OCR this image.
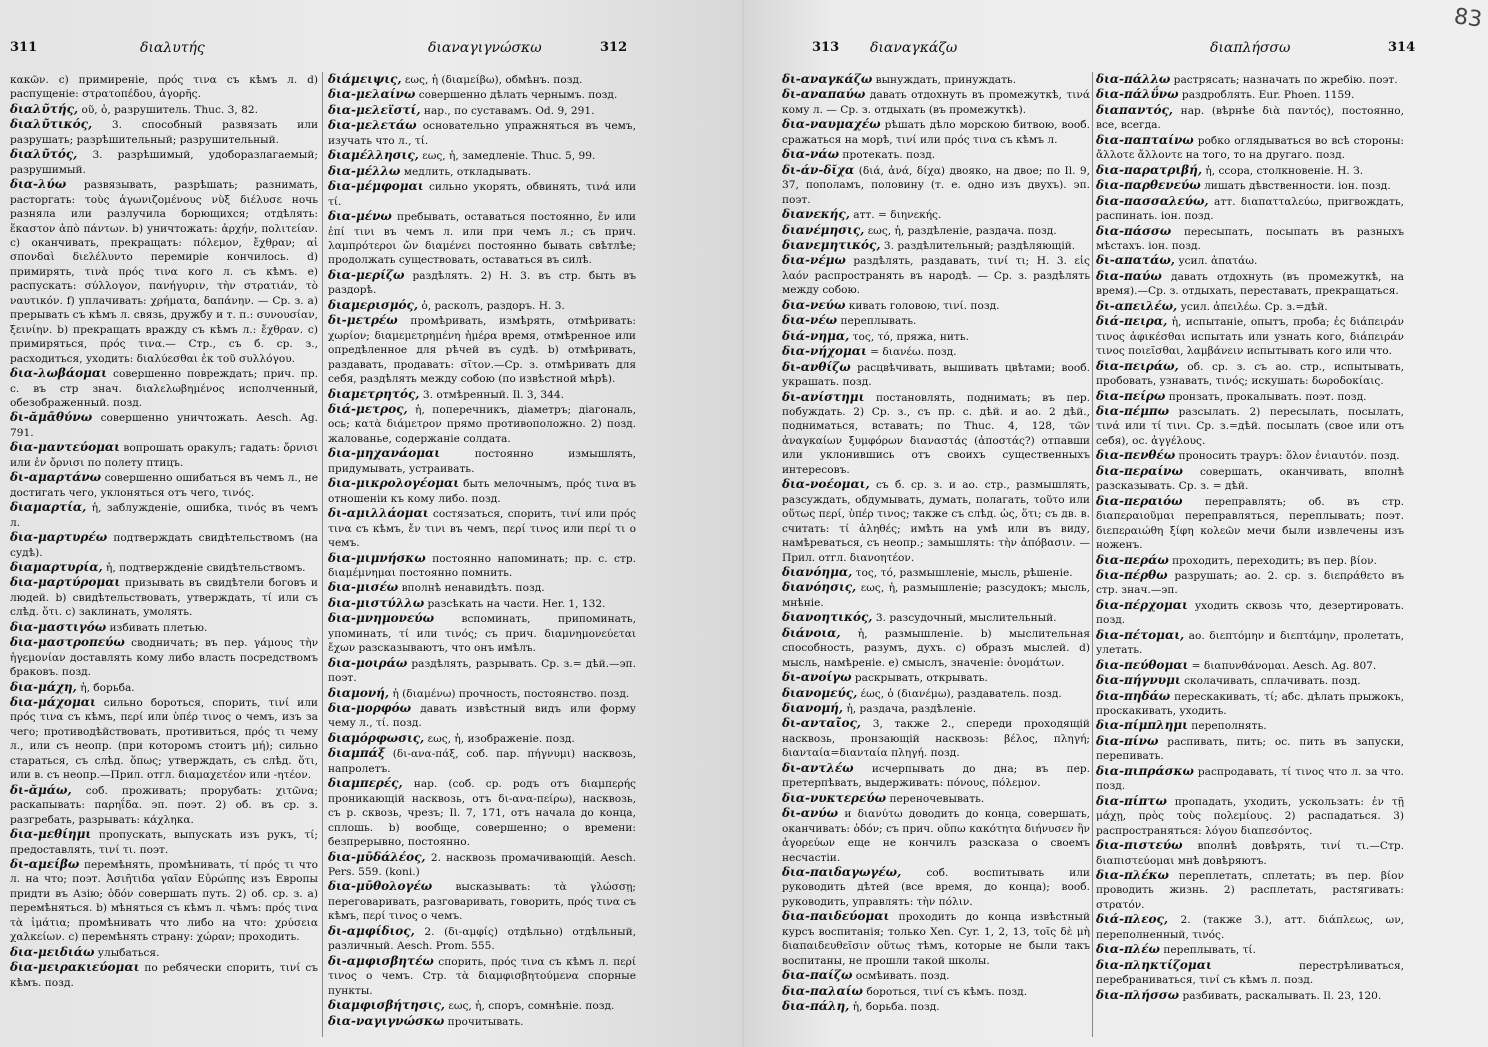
311	διαλυτής	διαναγιγνώσκω	312

κακῶν. c) примиреніе, πρός τινα съ кѣмъ л. d) распущеніе: στρατοπέδου, ἀγορῆς.

διαλῦτής, οῦ, ὁ, разрушитель. Thuc. 3, 82.

διαλῦτικός, 3. способный развязать или разрушать; разрѣшительный; разрушительный.

διαλῦτός, 3. разрѣшимый, удоборазлагаемый; разрушимый.

δια-λύω развязывать, разрѣшать; разнимать, расторгать: τοὺς ἀγωνιζομένους νὺξ διέλυσε ночь разняла или разлучила борющихся; отдѣлять: ἕκαστον ἀπὸ πάντων. b) уничтожать: ἀρχήν, πολιτείαν. c) оканчивать, прекращать: πόλεμον, ἔχθραν; αἱ σπονδαὶ διελέλυντο перемиріе кончилось. d) примирять, τινὰ πρός τινα кого л. съ кѣмъ. e) распускать: σύλλογον, πανήγυριν, τὴν στρατιάν, τὸ ναυτικόν. f) уплачивать: χρήματα, δαπάνην. — Ср. з. a) прерывать съ кѣмъ л. связь, дружбу и т. п.: συνουσίαν, ξεινίην. b) прекращать вражду съ кѣмъ л.: ἔχθραν. c) примиряться, πρός τινα.— Стр., съ б. ср. з., расходиться, уходить: διαλύεσθαι ἐκ τοῦ συλλόγου.

δια-λωβάομαι совершенно повреждать; прич. пр. с. въ стр знач. διαλελωβημένος исполченный, обезображенный. позд.

δι-ᾰμᾱθύνω совершенно уничтожать. Aesch. Ag. 791.

δια-μαντεύομαι вопрошать оракулъ; гадать: ὄρνισι или ἐν ὄρνισι по полету птицъ.

δι-αμαρτάνω совершенно ошибаться въ чемъ л., не достигать чего, уклоняться отъ чего, τινός.

διαμαρτία, ἡ, заблужденіе, ошибка, τινός въ чемъ л.

δια-μαρτυρέω подтверждать свидѣтельствомъ (на судѣ).

διαμαρτυρία, ἡ, подтвержденіе свидѣтельствомъ.

δια-μαρτύρομαι призывать въ свидѣтели боговъ и людей. b) свидѣтельствовать, утверждать, τί или съ слѣд. ὅτι. c) заклинать, умолять.

δια-μαστιγόω избивать плетью.

δια-μαστροπεύω сводничать; въ пер. γάμους τὴν ἡγεμονίαν доставлять кому либо власть посредствомъ браковъ. позд.

δια-μάχη, ἡ, борьба.

δια-μάχομαι сильно бороться, спорить, τινί или πρός τινα съ кѣмъ, περί или ὑπέρ τινος о чемъ, изъ за чего; противодѣйствовать, противиться, πρός τι чему л., или съ неопр. (при которомъ стоитъ μή); сильно стараться, съ слѣд. ὅπως; утверждать, съ слѣд. ὅτι, или в. съ неопр.—Прил. отгл. διαμαχετέον или -ητέον.

δι-ᾰμάω, соб. проживать; прорубать: χιτῶνα; раскапывать: παρηΐδα. эп. поэт. 2) об. въ ср. з. разгребать, разрывать: κάχληκα.

δια-μεθίημι пропускать, выпускать изъ рукъ, τί; предоставлять, τινί τι. поэт.

δι-αμείβω перемѣнять, промѣнивать, τί πρός τι что л. на что; поэт. Ἀσιῆτιδα γαῖαν Εὐρώπης изъ Европы придти въ Азію; ὁδόν совершать путь. 2) об. ср. з. a) перемѣняться. b) мѣняться съ кѣмъ л. чѣмъ: πρός τινα τὰ ἱμάτια; промѣнивать что либо на что: χρύσεια χαλκείων. c) перемѣнять страну: χώραν; проходить.

δια-μειδιάω улыбаться.

δια-μειρακιεύομαι по ребячески спорить, τινί съ кѣмъ. позд.

διάμειψις, εως, ἡ (διαμείβω), обмѣнъ. позд.

δια-μελαίνω совершенно дѣлать чернымъ. позд.

δια-μελεϊστί, нар., по суставамъ. Od. 9, 291.

δια-μελετάω основательно упражняться въ чемъ, изучать что л., τί.

διαμέλλησις, εως, ἡ, замедленіе. Thuc. 5, 99.

δια-μέλλω медлить, откладывать.

δια-μέμφομαι сильно укорять, обвинять, τινά или τί.

δια-μένω пребывать, оставаться постоянно, ἔν или ἐπί τινι въ чемъ л. или при чемъ л.; съ прич. λαμπρότεροι ὤν διαμένει постоянно бывать свѣтлѣе; продолжать существовать, оставаться въ силѣ.

δια-μερίζω раздѣлять. 2) H. 3. въ стр. быть въ раздорѣ.

διαμερισμός, ὁ, расколъ, раздоръ. H. 3.

δι-μετρέω промѣривать, измѣрять, отмѣривать: χωρίον; διαμεμετρημένη ἡμέρα время, отмѣренное или опредѣленное для рѣчей въ судѣ. b) отмѣривать, раздавать, продавать: σῖτον.—Ср. з. отмѣривать для себя, раздѣлять между собою (по извѣстной мѣрѣ).

διαμετρητός, 3. отмѣренный. Il. 3, 344.

διά-μετρος, ἡ, поперечникъ, діаметръ; діагональ, ось; κατὰ διάμετρον прямо противоположно. 2) позд. жалованье, содержаніе солдата.

δια-μηχανάομαι	постоянно измышлять, придумывать, устраивать.

δια-μικρολογέομαι быть мелочнымъ, πρός τινα въ отношеніи къ кому либо. позд.

δι-αμιλλάομαι состязаться, спорить, τινί или πρός τινα съ кѣмъ, ἔν τινι въ чемъ, περί τινος или περί τι о чемъ.

δια-μιμνήσκω постоянно напоминать; пр. с. стр. διαμέμνημαι постоянно помнить.

δια-μισέω вполнѣ ненавидѣть. позд.

δια-μιστύλλω разсѣкать на части. Her. 1, 132.

δια-μνημονεύω	вспоминать, припоминать, упоминать, τί или τινός; съ прич. διαμνημονεύεται ἔχων разсказываютъ, что онъ имѣлъ.

δια-μοιράω раздѣлять, разрывать. Ср. з.= дѣй.—эп. поэт.

διαμονή, ἡ (διαμένω) прочность, постоянство. позд.

δια-μορφόω давать извѣстный видъ или форму чему л., τί. позд.

διαμόρφωσις, εως, ἡ, изображеніе. позд.

διαμπάξ (δι-ανα-πάξ, соб. пар. πήγνυμι) насквозь, напролетъ.

διαμπερές, нар. (соб. ср. родъ отъ διαμπερής проникающій насквозь, отъ δι-ανα-πείρω), насквозь, съ р. сквозь, чрезъ; Il. 7, 171, отъ начала до конца, сплошь. b) вообще, совершенно; о времени: безпрерывно, постоянно.

δια-μῡδάλέος, 2. насквозь промачивающій. Aesch. Pers. 559. (koni.)

δια-μῡθολογέω высказывать: τὰ γλώσσῃ; переговаривать, разговаривать, говорить, πρός τινα съ кѣмъ, περί τινος о чемъ.

δι-αμφίδιος, 2. (δι-αμφίς) отдѣльно) отдѣльный, различный. Aesch. Prom. 555.

δι-αμφισβητέω спорить, πρός τινα съ кѣмъ л. περί τινος о чемъ. Стр. τὰ διαμφισβητούμενα спорные пункты.

διαμφισβήτησις, εως, ἡ, споръ, сомнѣніе. позд.

δια-ναγιγνώσκω прочитывать.

313 διαναγκάζω	διαπλήσσω	314
83

δι-αναγκάζω вынуждать, принуждать.

δι-αναπαύω давать отдохнуть въ промежуткѣ, τινά кому л. — Ср. з. отдыхать (въ промежуткѣ).

δια-ναυμαχέω рѣшать дѣло морскою битвою, вооб. сражаться на морѣ, τινί или πρός τινα съ кѣмъ л.

δια-νάω протекать. позд.

δι-άν-δῐχα (διά, ἀνά, δίχα) двояко, на двое; по Il. 9, 37, пополамъ, половину (т. е. одно изъ двухъ). эп. поэт.

διανεκής, атт. = διηνεκής.

διανέμησις, εως, ἡ, раздѣленіе, раздача. позд.

διανεμητικός, 3. раздѣлительный; раздѣляющій.

δια-νέμω раздѣлять, раздавать, τινί τι; H. 3. εἰς λαόν распространять въ народѣ. — Ср. з. раздѣлять между собою.

δια-νεύω кивать головою, τινί. позд.

δια-νέω переплывать.

διά-νημα, τος, τό, пряжа, нить.

δια-νήχομαι = διανέω. позд.

δι-ανθίζω расцвѣчивать, вышивать цвѣтами; вооб. украшать. позд.

δι-ανίστημι постановлять, поднимать; въ пер. побуждать. 2) Ср. з., съ пр. с. дѣй. и ао. 2 дѣй., подниматься, вставать; по Thuc. 4, 128, τῶν ἀναγκαίων ξυμφόρων διαναστάς (ἀποστάς?) отпавши или уклонившись отъ своихъ существенныхъ интересовъ.

δια-νοέομαι, съ б. ср. з. и ао. стр., размышлять, разсуждать, обдумывать, думать, полагать, τοῦτο или οὕτως περί, ὑπέρ τινος; также съ слѣд. ὡς, ὅτι; съ дв. в. считать: τί ἀληθές; имѣть на умѣ или въ виду, намѣреваться, съ неопр.; замышлять: τὴν ἀπόβασιν. — Прил. отгл. διανοητέον.

διανόημα, τος, τό, размышленіе, мысль, рѣшеніе.

διανόησις, εως, ἡ, размышленіе; разсудокъ; мысль, мнѣніе.

διανοητικός, 3. разсудочный, мыслительный.

διάνοια, ἡ, размышленіе. b) мыслительная способность, разумъ, духъ. c) образъ мыслей. d) мысль, намѣреніе. e) смыслъ, значеніе: ὀνομάτων.

δι-ανοίγω раскрывать, открывать.

διανομεύς, έως, ὁ (διανέμω), раздаватель. позд.

διανομή, ἡ, раздача, раздѣленіе.

δι-ανταῖος, 3, также 2., спереди проходящій насквозь, пронзающій насквозь: βέλος, πληγή; διανταία=διανταία πληγή. позд.

δι-αντλέω исчерпывать до дна; въ пер. претерпѣвать, выдерживать: πόνους, πόλεμον.

δια-νυκτερεύω переночевывать.

δι-ανύω и διανύτω доводить до конца, совершать, оканчивать: ὁδόν; съ прич. οὔπω κακότητα διήνυσεν ἣν ἀγορεύων еще не кончилъ разсказа о своемъ несчастіи.

δια-παιδαγωγέω, соб. воспитывать или руководить дѣтей (все время, до конца); вооб. руководить, управлять: τὴν πόλιν.

δια-παιδεύομαι проходить до конца извѣстный курсъ воспитанія; только Xen. Cyr. 1, 2, 13, τοῖς δὲ μὴ διαπαιδευθεῖσιν οὕτως тѣмъ, которые не были такъ воспитаны, не прошли такой школы.

δια-παίζω осмѣивать. позд.

δια-παλαίω бороться, τινί съ кѣмъ. позд.

δια-πάλη, ἡ, борьба. позд.

δια-πάλλω растрясать; назначать по жребію. поэт.

δια-πάλΰνω раздроблять. Eur. Phoen. 1159.

διαπαντός, нар. (вѣрнѣе διὰ παντός), постоянно, все, всегда.

δια-παπταίνω робко оглядываться во всѣ стороны: ἄλλοτε ἄλλοντε на того, то на другаго. позд.

δια-παρατριβή, ἡ, ссора, столкновеніе. H. З.

δια-παρθενεύω лишать дѣвственности. іон. позд.

δια-πασσαλεύω, атт. διαπατταλεύω, пригвождать, распинать. іон. позд.

δια-πάσσω пересыпать, посыпать въ разныхъ мѣстахъ. іон. позд.

δι-απατάω, усил. ἀπατάω.

δια-παύω давать отдохнуть (въ промежуткѣ, на время).—Ср. з. отдыхать, переставать, прекращаться.

δι-απειλέω, усил. ἀπειλέω. Ср. з.=дѣй.

διά-πειρα, ἡ, испытаніе, опытъ, проба; ἐς διάπειράν τινος ἀφικέσθαι испытать или узнать кого, διάπειράν τινος ποιεῖσθαι, λαμβάνειν испытывать кого или что.

δια-πειράω, об. ср. з. съ ао. стр., испытывать, пробовать, узнавать, τινός; искушать: δωροδοκίαις.

δια-πείρω пронзать, прокалывать. поэт. позд.

δια-πέμπω разсылать. 2) пересылать, посылать, τινά или τί τινι. Ср. з.=дѣй. посылать (свое или отъ себя), ос. ἀγγέλους.

δια-πενθέω проносить трауръ: ὅλον ἐνιαυτόν. позд.

δια-περαίνω совершать, оканчивать, вполнѣ разсказывать. Ср. з. = дѣй.

δια-περαιόω переправлять; об. въ стр. διαπεραιοῦμαι переправляться, переплывать; поэт. διεπεραιώθη ξίφη κολεῶν мечи были извлечены изъ ноженъ.

δια-περάω проходить, переходить; въ пер. βίον.

δια-πέρθω разрушать; ао. 2. ср. з. διεπράθετο въ стр. знач.—эп.

δια-πέρχομαι уходить сквозь что, дезертировать. позд.

δια-πέτομαι, ао. διεπτόμην и διεπτάμην, пролетать, улетать.

δια-πεύθομαι = διαπυνθάνομαι. Aesch. Ag. 807.

δια-πήγνυμι сколачивать, сплачивать. позд.

δια-πηδάω перескакивать, τί; абс. дѣлать прыжокъ, проскакивать, уходить.

δια-πίμπλημι переполнять.

δια-πίνω распивать, пить; ос. пить въ запуски, перепивать.

δια-πιπράσκω распродавать, τί τινος что л. за что. позд.

δια-πίπτω пропадать, уходить, ускользать: ἐν τῇ μάχῃ, πρὸς τοὺς πολεμίους. 2) распадаться. 3) распространяться: λόγου διαπεσόντος.

δια-πιστεύω вполнѣ довѣрять, τινί τι.—Стр. διαπιστεύομαι мнѣ довѣряютъ.

δια-πλέκω переплетать, сплетать; въ пер. βίον проводить жизнь. 2) расплетать, растягивать: στρατόν.

διά-πλεος, 2. (также 3.), атт. διάπλεως, ων, переполненный, τινός.

δια-πλέω переплывать, τί.

δια-πληκτίζομαι	перестрѣливаться, перебраниваться, τινί съ кѣмъ л. позд.

δια-πλήσσω разбивать, раскалывать. Il. 23, 120.
